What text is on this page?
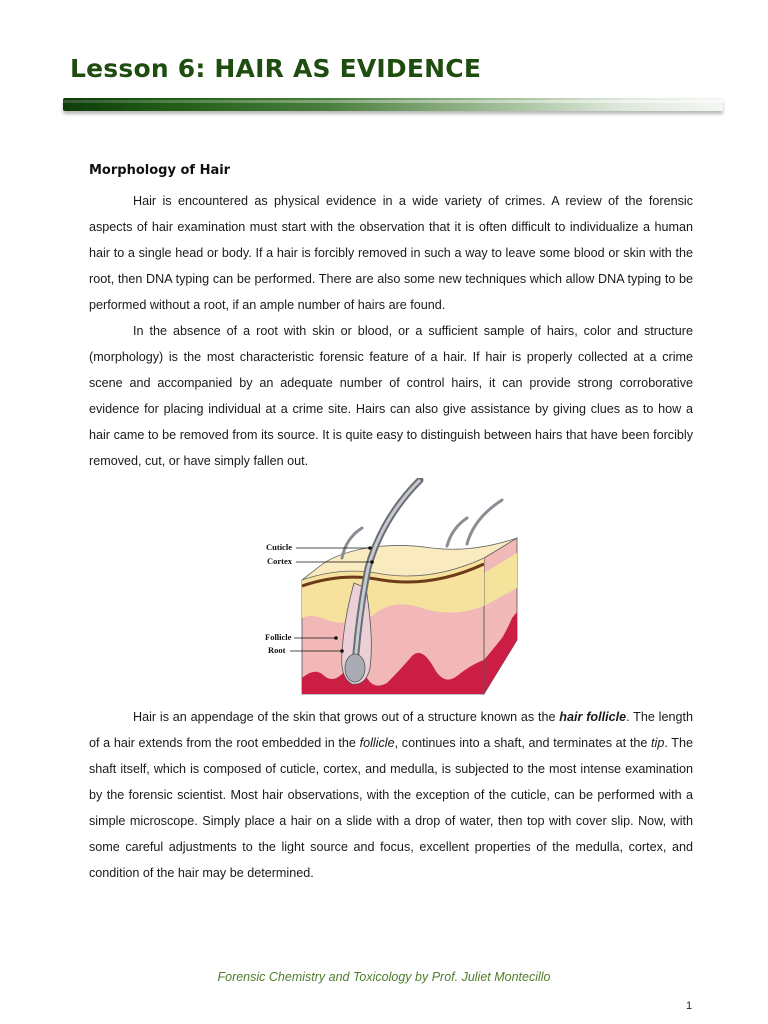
Lesson 6: HAIR AS EVIDENCE
Morphology of Hair

Hair is encountered as physical evidence in a wide variety of crimes. A review of the forensic aspects of hair examination must start with the observation that it is often difficult to individualize a human hair to a single head or body. If a hair is forcibly removed in such a way to leave some blood or skin with the root, then DNA typing can be performed. There are also some new techniques which allow DNA typing to be performed without a root, if an ample number of hairs are found.

In the absence of a root with skin or blood, or a sufficient sample of hairs, color and structure (morphology) is the most characteristic forensic feature of a hair. If hair is properly collected at a crime scene and accompanied by an adequate number of control hairs, it can provide strong corroborative evidence for placing individual at a crime site. Hairs can also give assistance by giving clues as to how a hair came to be removed from its source. It is quite easy to distinguish between hairs that have been forcibly removed, cut, or have simply fallen out.

Cuticle
Cortex
Follicle
Root

Hair is an appendage of the skin that grows out of a structure known as the hair follicle. The length of a hair extends from the root embedded in the follicle, continues into a shaft, and terminates at the tip. The shaft itself, which is composed of cuticle, cortex, and medulla, is subjected to the most intense examination by the forensic scientist. Most hair observations, with the exception of the cuticle, can be performed with a simple microscope. Simply place a hair on a slide with a drop of water, then top with cover slip. Now, with some careful adjustments to the light source and focus, excellent properties of the medulla, cortex, and condition of the hair may be determined.

Forensic Chemistry and Toxicology by Prof. Juliet Montecillo
1
